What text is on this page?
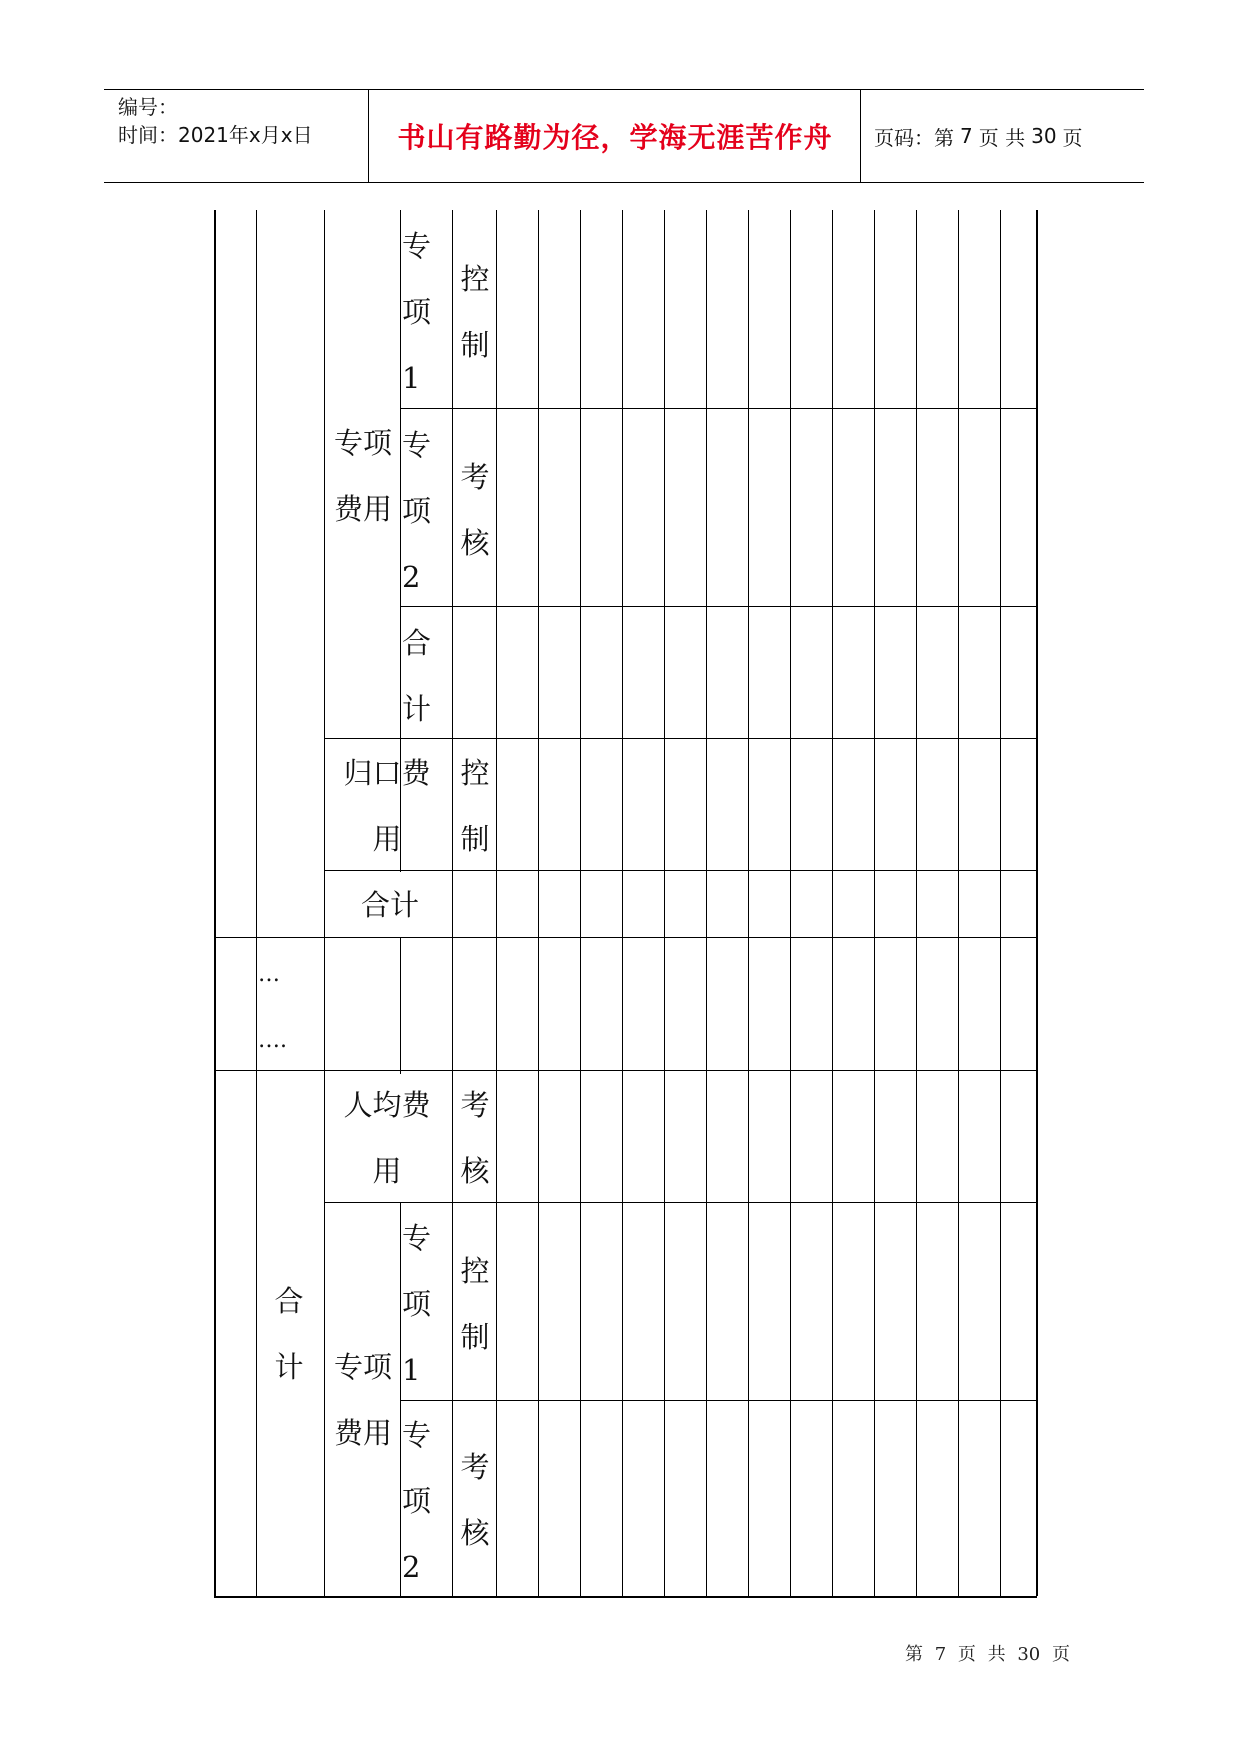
编号：
时间：2021年x月x日	书山有路勤为径，学海无涯苦作舟	页码：第 7 页 共 30 页
专项1
控制
专项费用
专项2
考核
合计
归口费用
控制
合计
…
….
人均费用
考核
合计
专项1
控制
专项费用 专项2
考核
第 7 页 共 30 页
